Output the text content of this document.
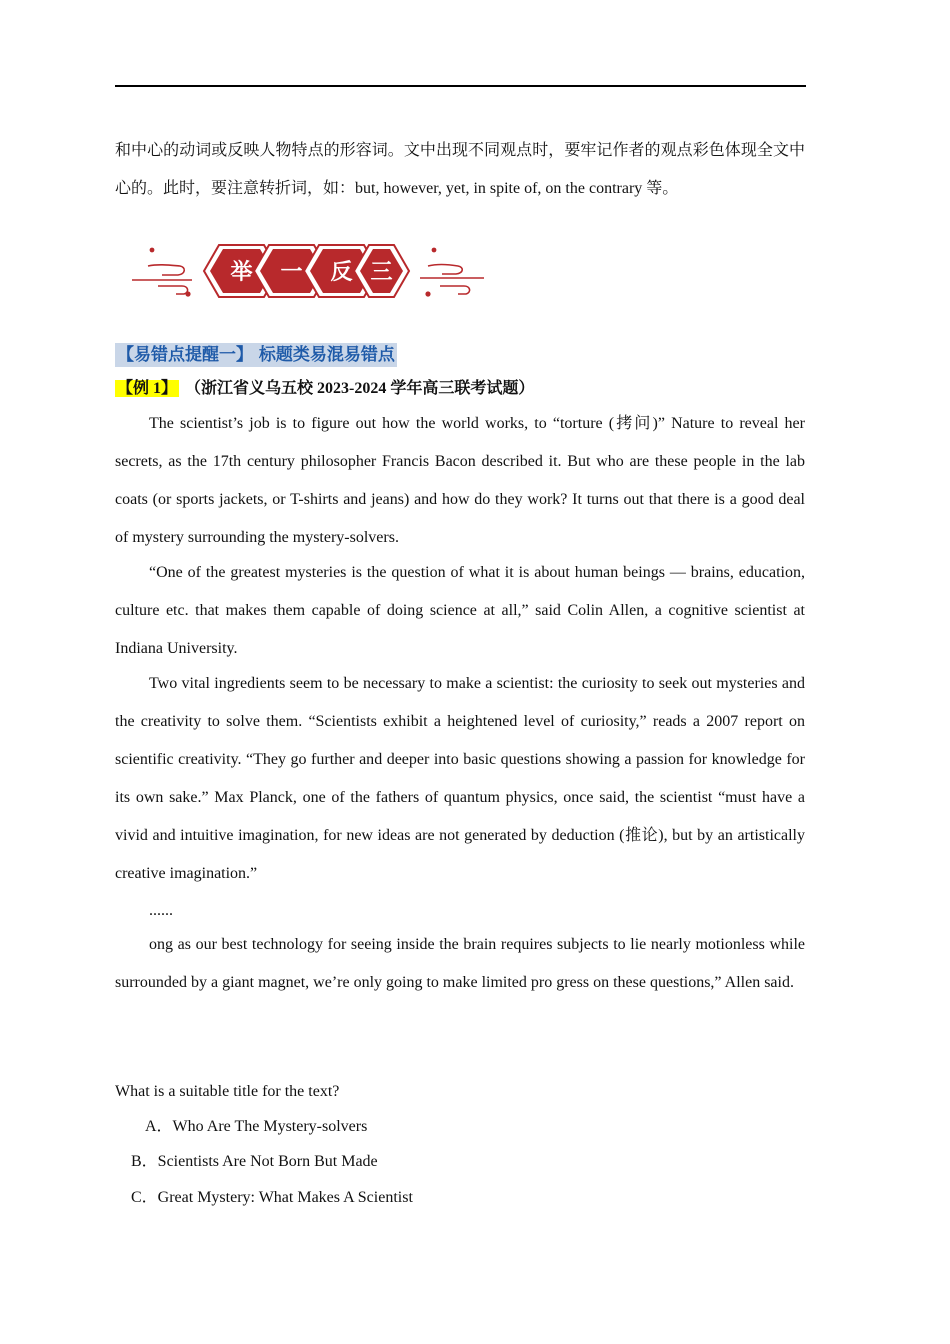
和中心的动词或反映人物特点的形容词。文中出现不同观点时，要牢记作者的观点彩色体现全文中心的。此时，要注意转折词，如：but, however, yet, in spite of, on the contrary 等。

举 一 反 三
【易错点提醒一】 标题类易混易错点
【例 1】 （浙江省义乌五校 2023-2024 学年高三联考试题）

The scientist’s job is to figure out how the world works, to “torture (拷问)” Nature to reveal her secrets, as the 17th century philosopher Francis Bacon described it. But who are these people in the lab coats (or sports jackets, or T-shirts and jeans) and how do they work? It turns out that there is a good deal of mystery surrounding the mystery-solvers.

“One of the greatest mysteries is the question of what it is about human beings — brains, education, culture etc. that makes them capable of doing science at all,” said Colin Allen, a cognitive scientist at Indiana University.

Two vital ingredients seem to be necessary to make a scientist: the curiosity to seek out mysteries and the creativity to solve them. “Scientists exhibit a heightened level of curiosity,” reads a 2007 report on scientific creativity. “They go further and deeper into basic questions showing a passion for knowledge for its own sake.” Max Planck, one of the fathers of quantum physics, once said, the scientist “must have a vivid and intuitive imagination, for new ideas are not generated by deduction (推论), but by an artistically creative imagination.”

......

ong as our best technology for seeing inside the brain requires subjects to lie nearly motionless while surrounded by a giant magnet, we’re only going to make limited pro gress on these questions,” Allen said.

What is a suitable title for the text?
A．Who Are The Mystery-solvers
B．Scientists Are Not Born But Made
C．Great Mystery: What Makes A Scientist
